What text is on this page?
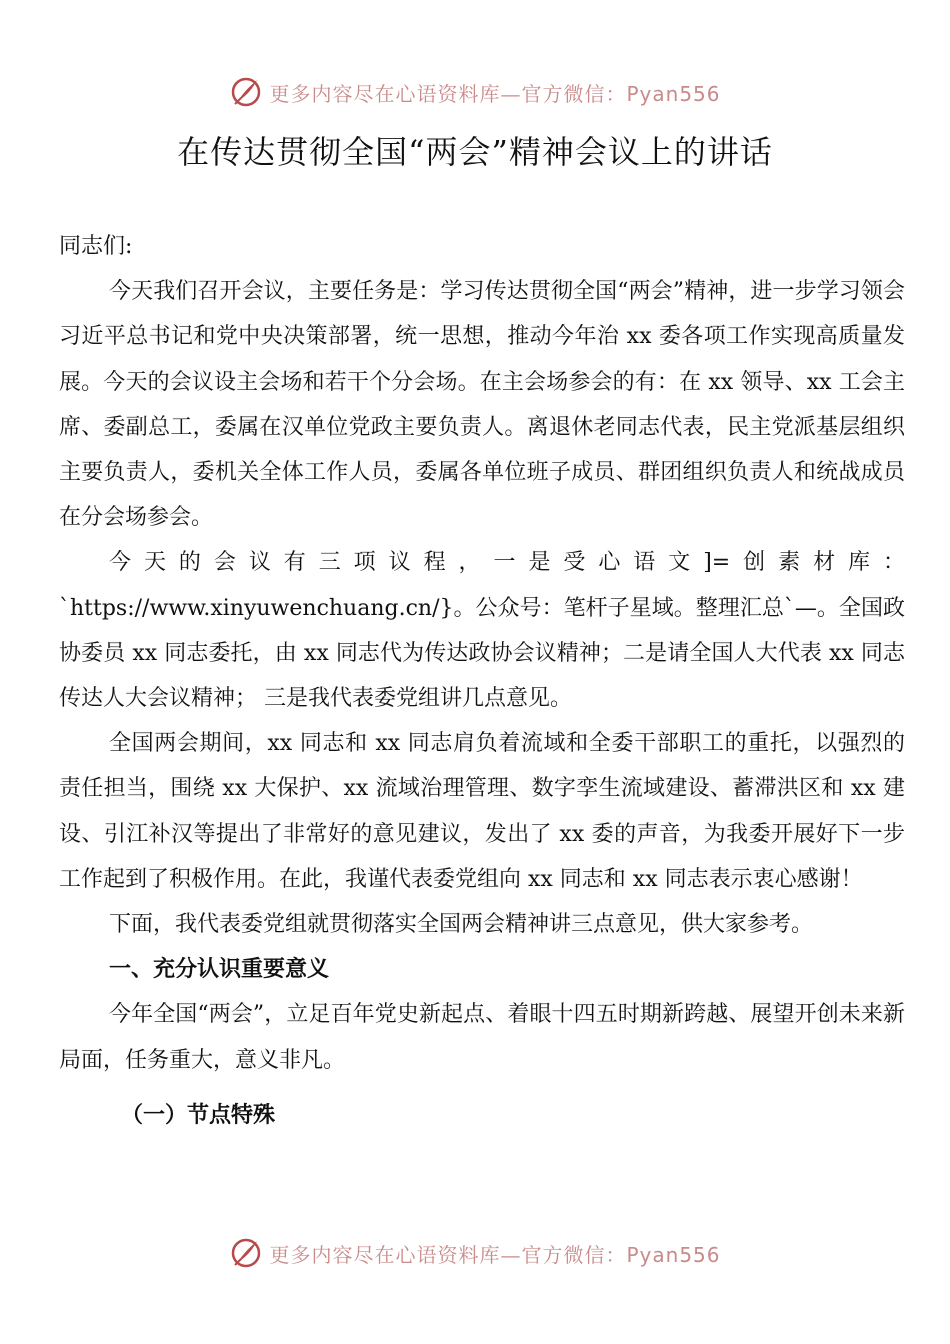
更多内容尽在心语资料库—官方微信：Pyan556
在传达贯彻全国“两会”精神会议上的讲话

同志们:

今天我们召开会议，主要任务是：学习传达贯彻全国“两会”精神，进一步学习领会习近平总书记和党中央决策部署，统一思想，推动今年治 xx 委各项工作实现高质量发展。今天的会议设主会场和若干个分会场。在主会场参会的有：在 xx 领导、xx 工会主席、委副总工，委属在汉单位党政主要负责人。离退休老同志代表，民主党派基层组织主要负责人，委机关全体工作人员，委属各单位班子成员、群团组织负责人和统战成员在分会场参会。

今天的会议有三项议程，一是受心语文]=创素材库：`https://www.xinyuwenchuang.cn/}。公众号：笔杆子星域。整理汇总`—。全国政协委员 xx 同志委托，由 xx 同志代为传达政协会议精神；二是请全国人大代表 xx 同志传达人大会议精神； 三是我代表委党组讲几点意见。

全国两会期间，xx 同志和 xx 同志肩负着流域和全委干部职工的重托，以强烈的责任担当，围绕 xx 大保护、xx 流域治理管理、数字孪生流域建设、蓄滞洪区和 xx 建设、引江补汉等提出了非常好的意见建议，发出了 xx 委的声音，为我委开展好下一步工作起到了积极作用。在此，我谨代表委党组向 xx 同志和 xx 同志表示衷心感谢！

下面，我代表委党组就贯彻落实全国两会精神讲三点意见，供大家参考。

一、充分认识重要意义

今年全国“两会”，立足百年党史新起点、着眼十四五时期新跨越、展望开创未来新局面，任务重大，意义非凡。

（一）节点特殊

更多内容尽在心语资料库—官方微信：Pyan556
